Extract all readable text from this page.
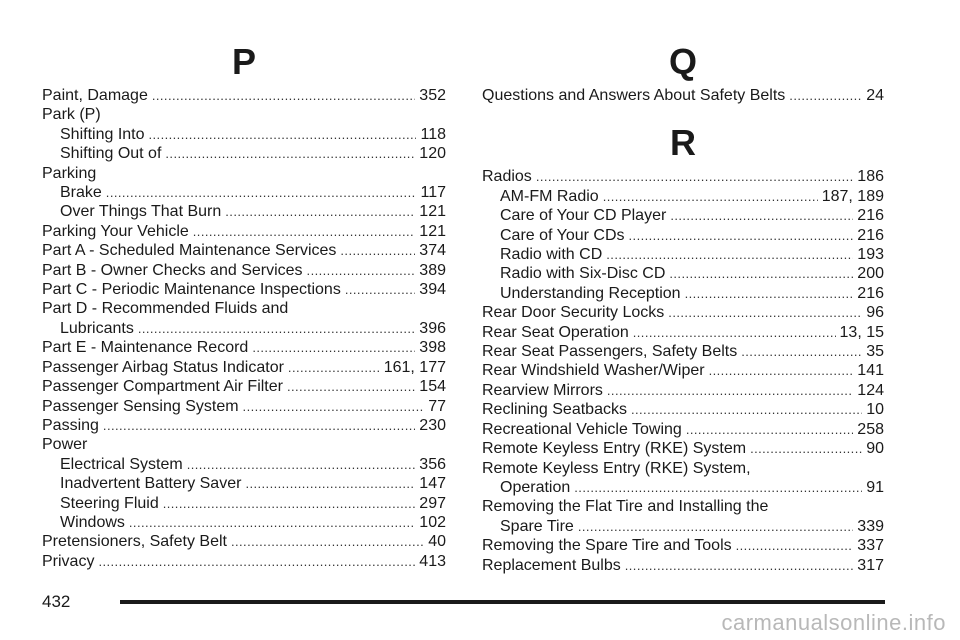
P
Paint, Damage . . .	352
Park (P)
Shifting Into . . .	118
Shifting Out of . . .	120
Parking
Brake . . .	117
Over Things That Burn . . .	121
Parking Your Vehicle . . .	121
Part A - Scheduled Maintenance Services . . .	374
Part B - Owner Checks and Services . . .	389
Part C - Periodic Maintenance Inspections . . .	394
Part D - Recommended Fluids and
Lubricants . . .	396
Part E - Maintenance Record . . .	398
Passenger Airbag Status Indicator . . .	161, 177
Passenger Compartment Air Filter . . .	154
Passenger Sensing System . . .	77
Passing . . .	230
Power
Electrical System . . .	356
Inadvertent Battery Saver . . .	147
Steering Fluid . . .	297
Windows . . .	102
Pretensioners, Safety Belt . . .	40
Privacy . . .	413
Q
Questions and Answers About Safety Belts . . .	24
R
Radios . . .	186
AM-FM Radio . . .	187, 189
Care of Your CD Player . . .	216
Care of Your CDs . . .	216
Radio with CD . . .	193
Radio with Six-Disc CD . . .	200
Understanding Reception . . .	216
Rear Door Security Locks . . .	96
Rear Seat Operation . . .	13, 15
Rear Seat Passengers, Safety Belts . . .	35
Rear Windshield Washer/Wiper . . .	141
Rearview Mirrors . . .	124
Reclining Seatbacks . . .	10
Recreational Vehicle Towing . . .	258
Remote Keyless Entry (RKE) System . . .	90
Remote Keyless Entry (RKE) System,
Operation . . .	91
Removing the Flat Tire and Installing the
Spare Tire . . .	339
Removing the Spare Tire and Tools . . .	337
Replacement Bulbs . . .	317
432
carmanualsonline.info
